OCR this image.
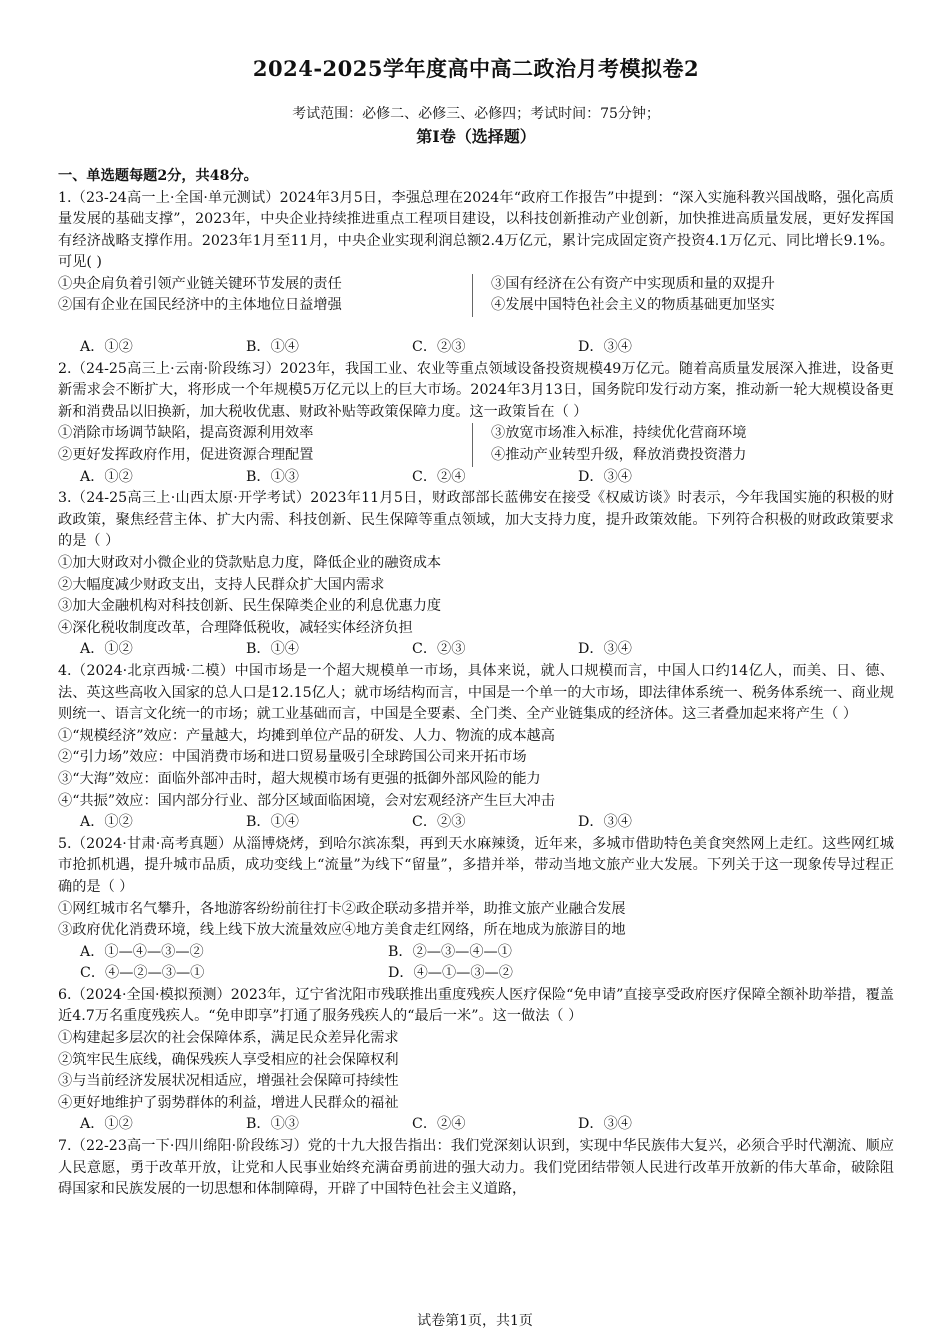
2024-2025学年度高中高二政治月考模拟卷2
考试范围：必修二、必修三、必修四；考试时间：75分钟；
第Ⅰ卷（选择题）
一、单选题每题2分，共48分。
1.（23-24高一上·全国·单元测试）2024年3月5日，李强总理在2024年“政府工作报告”中提到：“深入实施科教兴国战略，强化高质量发展的基础支撑”，2023年，中央企业持续推进重点工程项目建设，以科技创新推动产业创新，加快推进高质量发展，更好发挥国有经济战略支撑作用。2023年1月至11月，中央企业实现利润总额2.4万亿元，累计完成固定资产投资4.1万亿元、同比增长9.1%。可见( )
①央企肩负着引领产业链关键环节发展的责任
②国有企业在国民经济中的主体地位日益增强
③国有经济在公有资产中实现质和量的双提升
④发展中国特色社会主义的物质基础更加坚实
A．①②	B．①④	C．②③	D．③④
2.（24-25高三上·云南·阶段练习）2023年，我国工业、农业等重点领域设备投资规模49万亿元。随着高质量发展深入推进，设备更新需求会不断扩大，将形成一个年规模5万亿元以上的巨大市场。2024年3月13日，国务院印发行动方案，推动新一轮大规模设备更新和消费品以旧换新，加大税收优惠、财政补贴等政策保障力度。这一政策旨在（ ）
①消除市场调节缺陷，提高资源利用效率
②更好发挥政府作用，促进资源合理配置
③放宽市场准入标准，持续优化营商环境
④推动产业转型升级，释放消费投资潜力
A．①②	B．①③	C．②④	D．③④
3.（24-25高三上·山西太原·开学考试）2023年11月5日，财政部部长蓝佛安在接受《权威访谈》时表示，今年我国实施的积极的财政政策，聚焦经营主体、扩大内需、科技创新、民生保障等重点领域，加大支持力度，提升政策效能。下列符合积极的财政政策要求的是（ ）
①加大财政对小微企业的贷款贴息力度，降低企业的融资成本
②大幅度减少财政支出，支持人民群众扩大国内需求
③加大金融机构对科技创新、民生保障类企业的利息优惠力度
④深化税收制度改革，合理降低税收，减轻实体经济负担
A．①②	B．①④	C．②③	D．③④
4.（2024·北京西城·二模）中国市场是一个超大规模单一市场，具体来说，就人口规模而言，中国人口约14亿人，而美、日、德、法、英这些高收入国家的总人口是12.15亿人；就市场结构而言，中国是一个单一的大市场，即法律体系统一、税务体系统一、商业规则统一、语言文化统一的市场；就工业基础而言，中国是全要素、全门类、全产业链集成的经济体。这三者叠加起来将产生（ ）
①“规模经济”效应：产量越大，均摊到单位产品的研发、人力、物流的成本越高
②“引力场”效应：中国消费市场和进口贸易量吸引全球跨国公司来开拓市场
③“大海”效应：面临外部冲击时，超大规模市场有更强的抵御外部风险的能力
④“共振”效应：国内部分行业、部分区域面临困境，会对宏观经济产生巨大冲击
A．①②	B．①④	C．②③	D．③④
5.（2024·甘肃·高考真题）从淄博烧烤，到哈尔滨冻梨，再到天水麻辣烫，近年来，多城市借助特色美食突然网上走红。这些网红城市抢抓机遇，提升城市品质，成功变线上“流量”为线下“留量”，多措并举，带动当地文旅产业大发展。下列关于这一现象传导过程正确的是（ ）
①网红城市名气攀升，各地游客纷纷前往打卡②政企联动多措并举，助推文旅产业融合发展
③政府优化消费环境，线上线下放大流量效应④地方美食走红网络，所在地成为旅游目的地
A．①—④—③—②	B．②—③—④—①
C．④—②—③—①	D．④—①—③—②
6.（2024·全国·模拟预测）2023年，辽宁省沈阳市残联推出重度残疾人医疗保险“免申请”直接享受政府医疗保障全额补助举措，覆盖近4.7万名重度残疾人。“免申即享”打通了服务残疾人的“最后一米”。这一做法（ ）
①构建起多层次的社会保障体系，满足民众差异化需求
②筑牢民生底线，确保残疾人享受相应的社会保障权利
③与当前经济发展状况相适应，增强社会保障可持续性
④更好地维护了弱势群体的利益，增进人民群众的福祉
A．①②	B．①③	C．②④	D．③④
7.（22-23高一下·四川绵阳·阶段练习）党的十九大报告指出：我们党深刻认识到，实现中华民族伟大复兴，必须合乎时代潮流、顺应人民意愿，勇于改革开放，让党和人民事业始终充满奋勇前进的强大动力。我们党团结带领人民进行改革开放新的伟大革命，破除阻碍国家和民族发展的一切思想和体制障碍，开辟了中国特色社会主义道路，
试卷第1页，共1页
